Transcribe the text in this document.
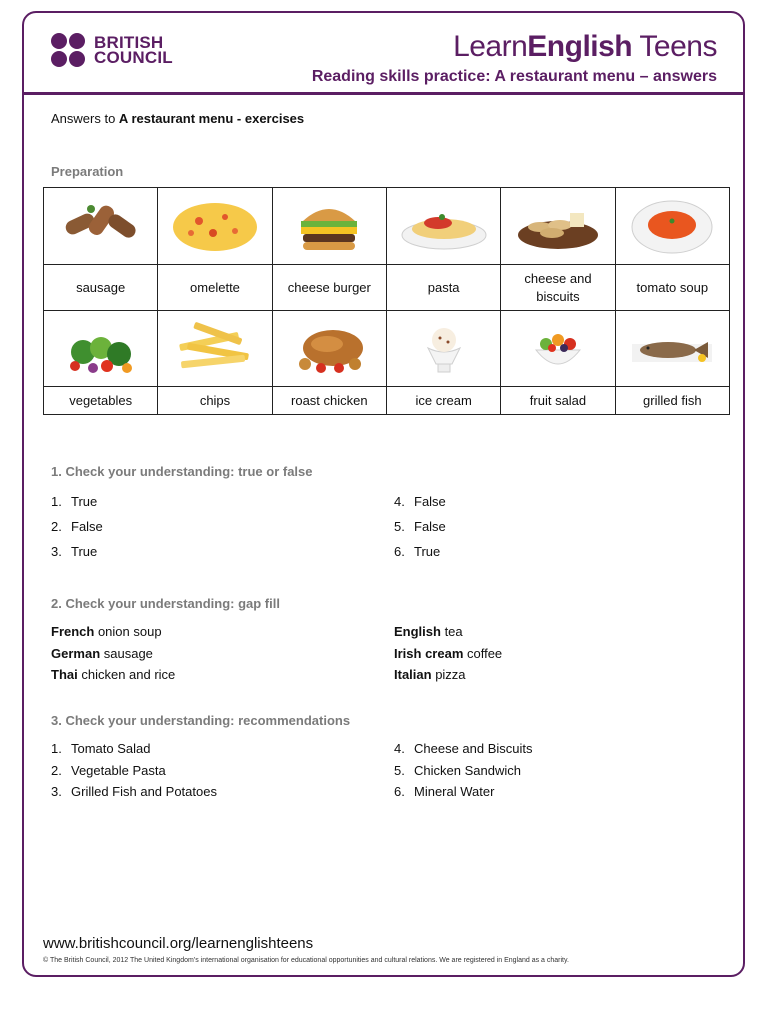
BRITISH
COUNCIL	LearnEnglish Teens
Reading skills practice: A restaurant menu – answers
Answers to A restaurant menu - exercises
Preparation

sausage	omelette	cheese burger	pasta	cheese and biscuits	tomato soup

vegetables	chips	roast chicken	ice cream	fruit salad	grilled fish
1. Check your understanding: true or false
1. True
2. False
3. True
4. False
5. False
6. True
2. Check your understanding: gap fill
French onion soup
German sausage
Thai chicken and rice
English tea
Irish cream coffee
Italian pizza
3. Check your understanding: recommendations
1. Tomato Salad
2. Vegetable Pasta
3. Grilled Fish and Potatoes
4. Cheese and Biscuits
5. Chicken Sandwich
6. Mineral Water
www.britishcouncil.org/learnenglishteens
© The British Council, 2012 The United Kingdom’s international organisation for educational opportunities and cultural relations. We are registered in England as a charity.
